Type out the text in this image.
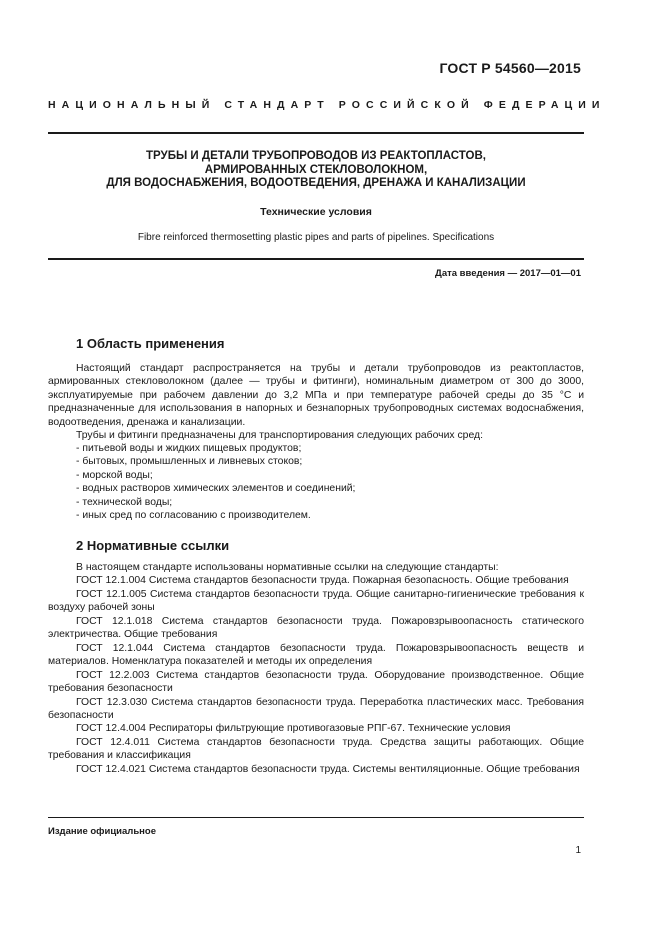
ГОСТ Р 54560—2015
НАЦИОНАЛЬНЫЙ СТАНДАРТ РОССИЙСКОЙ ФЕДЕРАЦИИ
ТРУБЫ И ДЕТАЛИ ТРУБОПРОВОДОВ ИЗ РЕАКТОПЛАСТОВ,
АРМИРОВАННЫХ СТЕКЛОВОЛОКНОМ,
ДЛЯ ВОДОСНАБЖЕНИЯ, ВОДООТВЕДЕНИЯ, ДРЕНАЖА И КАНАЛИЗАЦИИ
Технические условия
Fibre reinforced thermosetting plastic pipes and parts of pipelines. Specifications
Дата введения — 2017—01—01
1 Область применения

Настоящий стандарт распространяется на трубы и детали трубопроводов из реактопластов, армированных стекловолокном (далее — трубы и фитинги), номинальным диаметром от 300 до 3000, эксплуатируемые при рабочем давлении до 3,2 МПа и при температуре рабочей среды до 35 °C и предназначенные для использования в напорных и безнапорных трубопроводных системах водоснабжения, водоотведения, дренажа и канализации.

Трубы и фитинги предназначены для транспортирования следующих рабочих сред:

- питьевой воды и жидких пищевых продуктов;
- бытовых, промышленных и ливневых стоков;
- морской воды;
- водных растворов химических элементов и соединений;
- технической воды;
- иных сред по согласованию с производителем.
2 Нормативные ссылки

В настоящем стандарте использованы нормативные ссылки на следующие стандарты:

ГОСТ 12.1.004 Система стандартов безопасности труда. Пожарная безопасность. Общие требования

ГОСТ 12.1.005 Система стандартов безопасности труда. Общие санитарно-гигиенические требования к воздуху рабочей зоны

ГОСТ 12.1.018 Система стандартов безопасности труда. Пожаровзрывоопасность статического электричества. Общие требования

ГОСТ 12.1.044 Система стандартов безопасности труда. Пожаровзрывоопасность веществ и материалов. Номенклатура показателей и методы их определения

ГОСТ 12.2.003 Система стандартов безопасности труда. Оборудование производственное. Общие требования безопасности

ГОСТ 12.3.030 Система стандартов безопасности труда. Переработка пластических масс. Требования безопасности

ГОСТ 12.4.004 Респираторы фильтрующие противогазовые РПГ-67. Технические условия

ГОСТ 12.4.011 Система стандартов безопасности труда. Средства защиты работающих. Общие требования и классификация

ГОСТ 12.4.021 Система стандартов безопасности труда. Системы вентиляционные. Общие требования

Издание официальное
1
